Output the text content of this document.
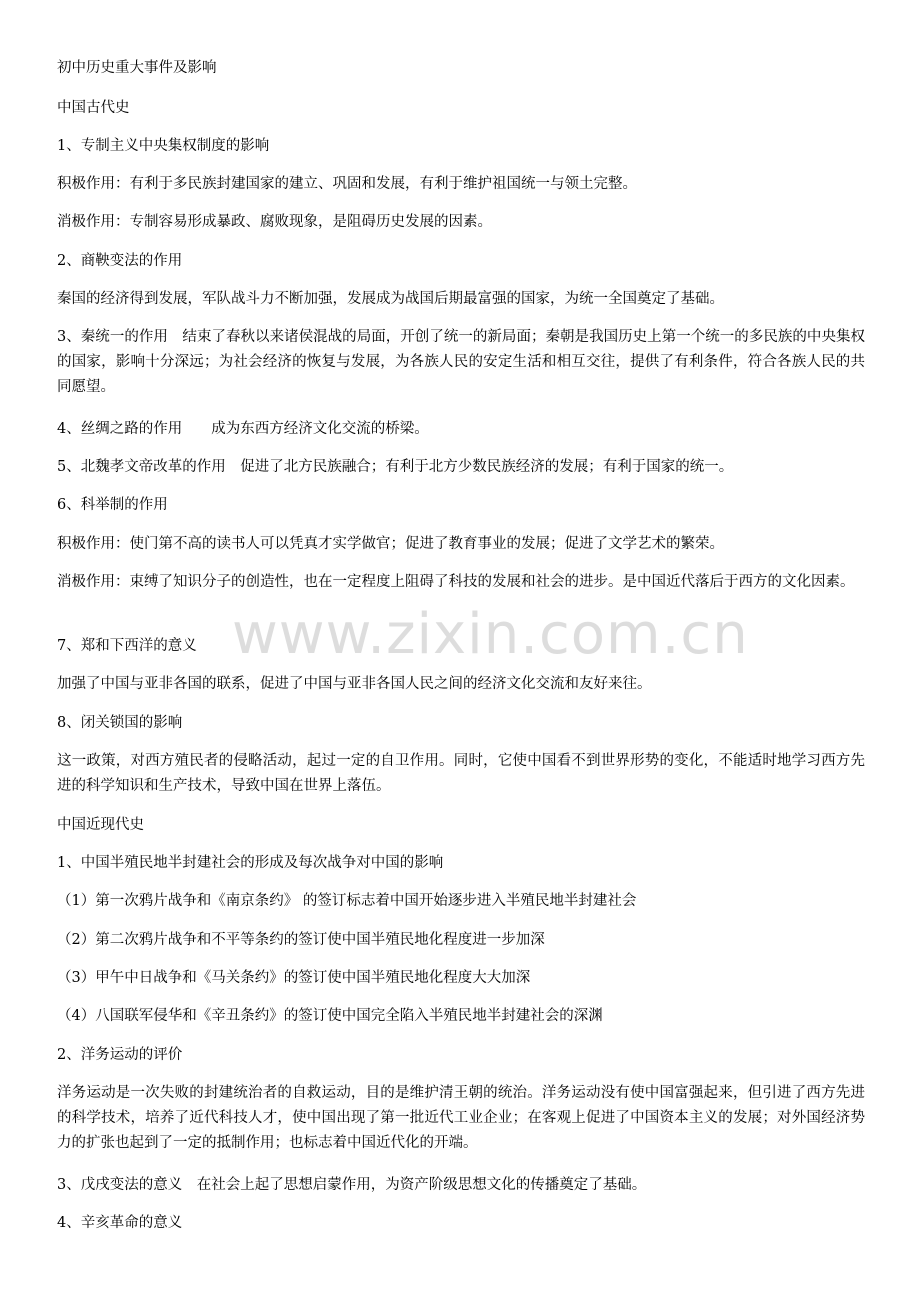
初中历史重大事件及影响
中国古代史
1、专制主义中央集权制度的影响
积极作用：有利于多民族封建国家的建立、巩固和发展，有利于维护祖国统一与领土完整。
消极作用：专制容易形成暴政、腐败现象，是阻碍历史发展的因素。
2、商鞅变法的作用
秦国的经济得到发展，军队战斗力不断加强，发展成为战国后期最富强的国家，为统一全国奠定了基础。
3、秦统一的作用　结束了春秋以来诸侯混战的局面，开创了统一的新局面；秦朝是我国历史上第一个统一的多民族的中央集权的国家，影响十分深远；为社会经济的恢复与发展，为各族人民的安定生活和相互交往，提供了有利条件，符合各族人民的共同愿望。
4、丝绸之路的作用　　成为东西方经济文化交流的桥梁。
5、北魏孝文帝改革的作用　促进了北方民族融合；有利于北方少数民族经济的发展；有利于国家的统一。
6、科举制的作用
积极作用：使门第不高的读书人可以凭真才实学做官；促进了教育事业的发展；促进了文学艺术的繁荣。
消极作用：束缚了知识分子的创造性，也在一定程度上阻碍了科技的发展和社会的进步。是中国近代落后于西方的文化因素。
7、郑和下西洋的意义
加强了中国与亚非各国的联系，促进了中国与亚非各国人民之间的经济文化交流和友好来往。
8、闭关锁国的影响
这一政策，对西方殖民者的侵略活动，起过一定的自卫作用。同时，它使中国看不到世界形势的变化，不能适时地学习西方先进的科学知识和生产技术，导致中国在世界上落伍。
中国近现代史
1、中国半殖民地半封建社会的形成及每次战争对中国的影响
（1）第一次鸦片战争和《南京条约》 的签订标志着中国开始逐步进入半殖民地半封建社会
（2）第二次鸦片战争和不平等条约的签订使中国半殖民地化程度进一步加深
（3）甲午中日战争和《马关条约》的签订使中国半殖民地化程度大大加深
（4）八国联军侵华和《辛丑条约》的签订使中国完全陷入半殖民地半封建社会的深渊
2、洋务运动的评价
洋务运动是一次失败的封建统治者的自救运动，目的是维护清王朝的统治。洋务运动没有使中国富强起来，但引进了西方先进的科学技术，培养了近代科技人才，使中国出现了第一批近代工业企业；在客观上促进了中国资本主义的发展；对外国经济势力的扩张也起到了一定的抵制作用；也标志着中国近代化的开端。
3、戊戌变法的意义　在社会上起了思想启蒙作用，为资产阶级思想文化的传播奠定了基础。
4、辛亥革命的意义
www.zixin.com.cn
